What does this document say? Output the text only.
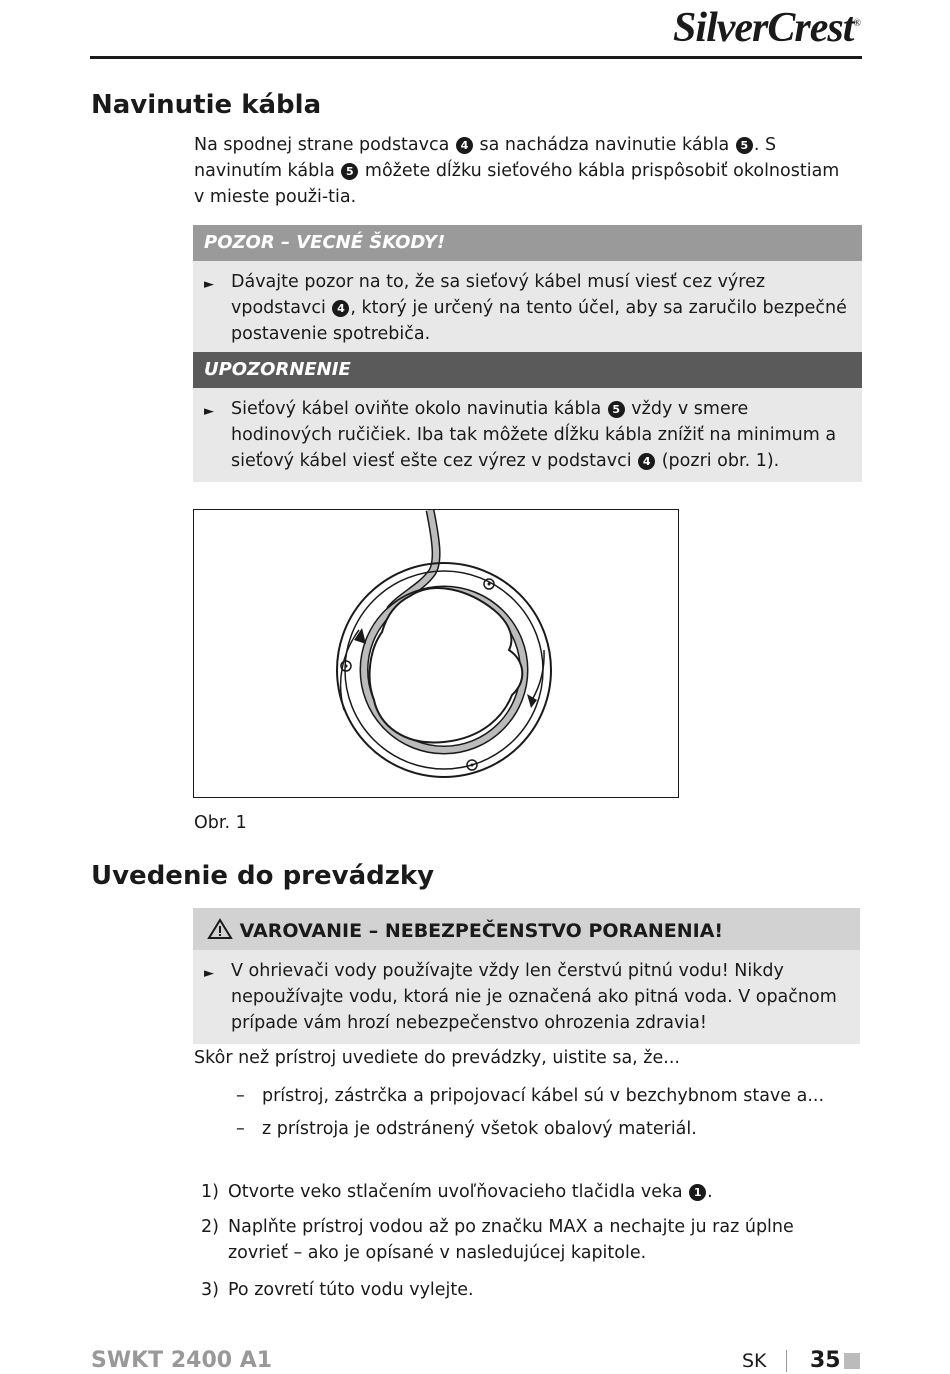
SilverCrest®
Navinutie kábla

Na spodnej strane podstavca 4 sa nachádza navinutie kábla 5 . S navinutím kábla 5 môžete dĺžku sieťového kábla prispôsobiť okolnostiam v mieste použi-tia.

POZOR – VECNÉ ŠKODY!
► Dávajte pozor na to, že sa sieťový kábel musí viesť cez výrez vpodstavci 4 , ktorý je určený na tento účel, aby sa zaručilo bezpečné postavenie spotrebiča.
UPOZORNENIE
► Sieťový kábel oviňte okolo navinutia kábla 5 vždy v smere hodinových ručičiek. Iba tak môžete dĺžku kábla znížiť na minimum a sieťový kábel viesť ešte cez výrez v podstavci 4 (pozri obr. 1).
Obr. 1
Uvedenie do prevádzky
VAROVANIE – NEBEZPEČENSTVO PORANENIA!
► V ohrievači vody používajte vždy len čerstvú pitnú vodu! Nikdy nepoužívajte vodu, ktorá nie je označená ako pitná voda. V opačnom prípade vám hrozí nebezpečenstvo ohrozenia zdravia!

Skôr než prístroj uvediete do prevádzky, uistite sa, že...

– prístroj, zástrčka a pripojovací kábel sú v bezchybnom stave a...
– z prístroja je odstránený všetok obalový materiál.
1) Otvorte veko stlačením uvoľňovacieho tlačidla veka 1 .
2) Naplňte prístroj vodou až po značku MAX a nechajte ju raz úplne zovrieť – ako je opísané v nasledujúcej kapitole.
3) Po zovretí túto vodu vylejte.
SWKT 2400 A1	SK 35
